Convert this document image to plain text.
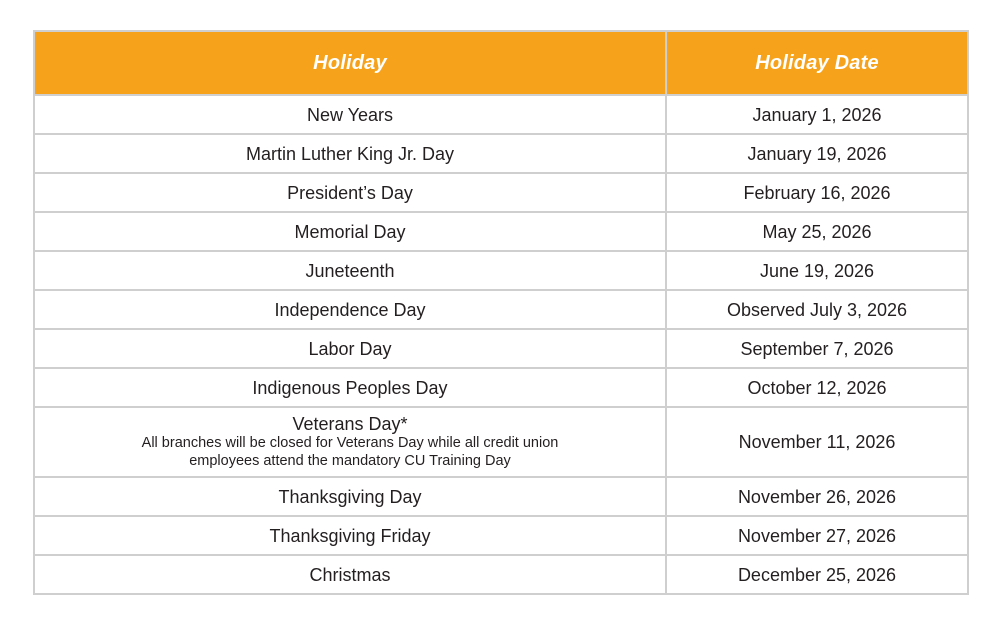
Holiday	Holiday Date
New Years	January 1, 2026
Martin Luther King Jr. Day	January 19, 2026
President’s Day	February 16, 2026
Memorial Day	May 25, 2026
Juneteenth	June 19, 2026
Independence Day	Observed July 3, 2026
Labor Day	September 7, 2026
Indigenous Peoples Day	October 12, 2026

Veterans Day*
All branches will be closed for Veterans Day while all credit union
employees attend the mandatory CU Training Day	November 11, 2026
Thanksgiving Day	November 26, 2026
Thanksgiving Friday	November 27, 2026
Christmas	December 25, 2026
